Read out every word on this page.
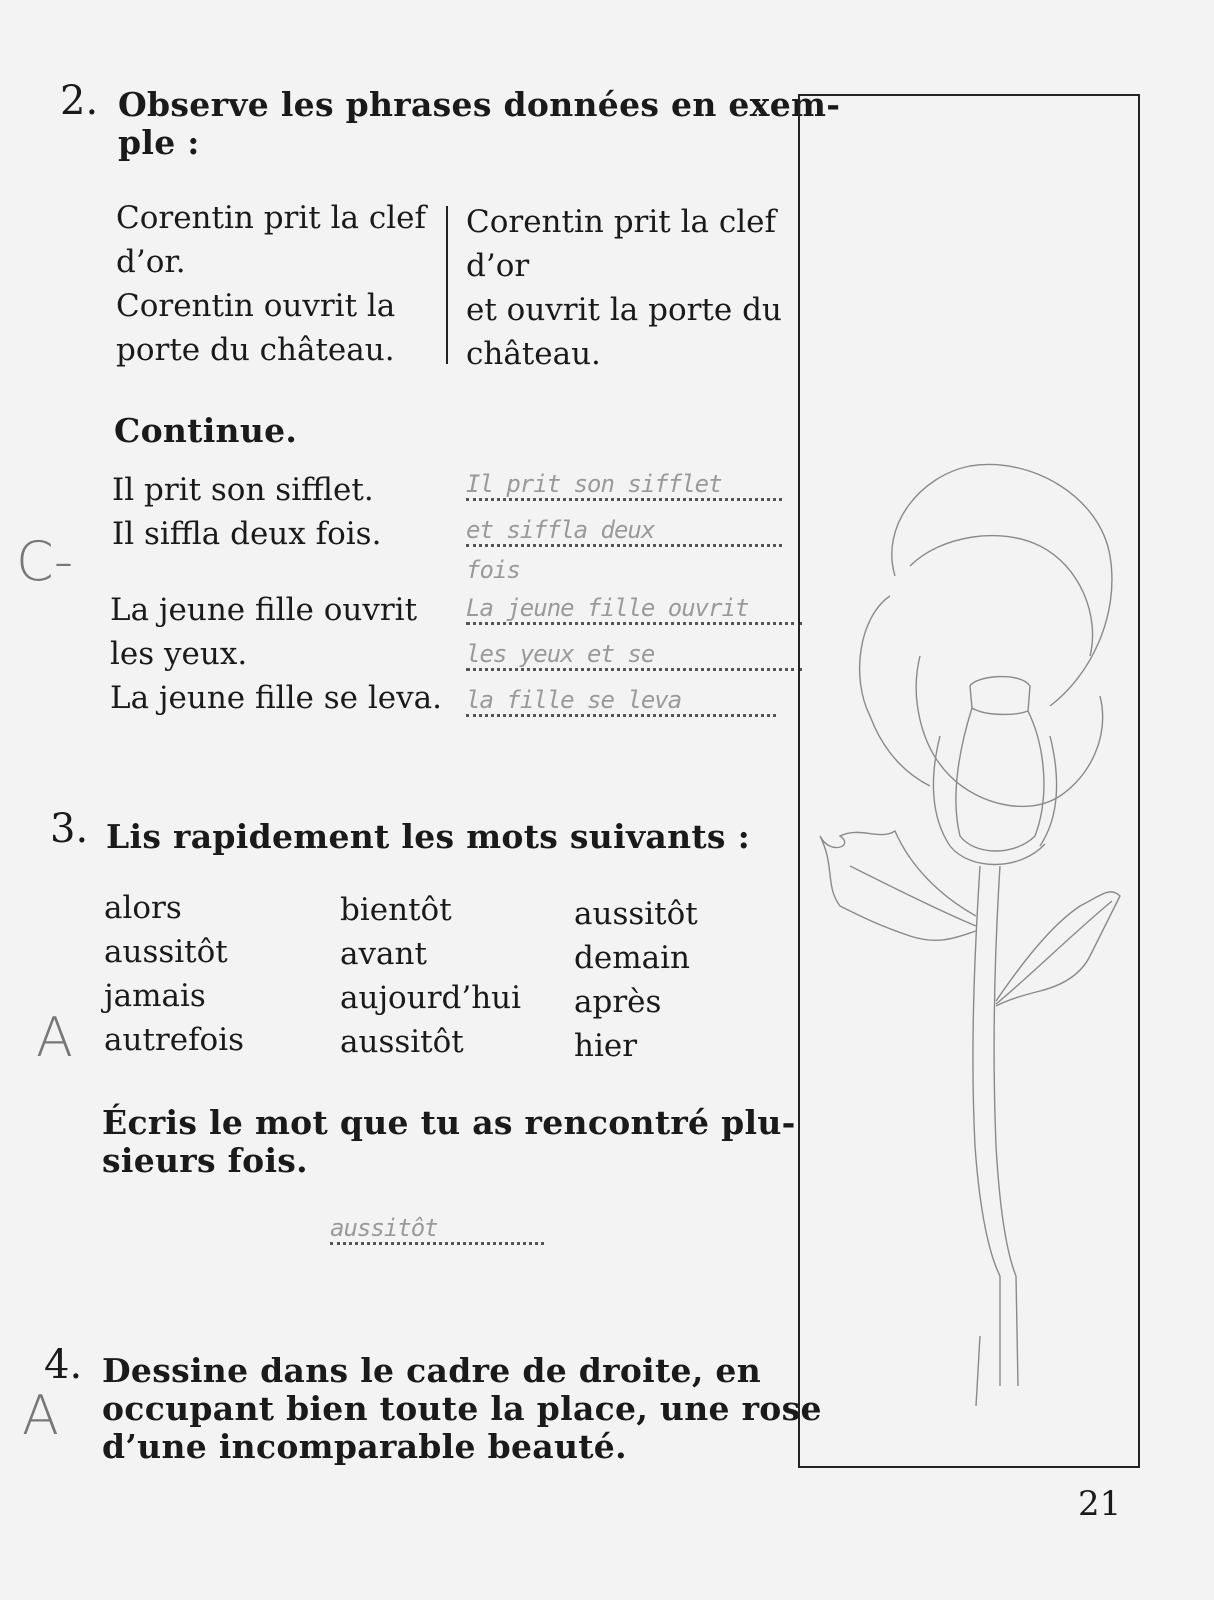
2. Observe les phrases données en exem-
ple :
Corentin prit la clef
d’or.
Corentin ouvrit la
porte du château.
Corentin prit la clef
d’or
et ouvrit la porte du
château.
Continue.
Il prit son sifflet.
Il siffla deux fois.
La jeune fille ouvrit
les yeux.
La jeune fille se leva.
Il prit son sifflet
et siffla deux
fois
La jeune fille ouvrit
les yeux et se
la fille se leva
C-
3. Lis rapidement les mots suivants :
alors
aussitôt
jamais
autrefois
bientôt
avant
aujourd’hui
aussitôt
aussitôt
demain
après
hier
A
Écris le mot que tu as rencontré plu-
sieurs fois.
aussitôt
4. Dessine dans le cadre de droite, en
occupant bien toute la place, une rose
d’une incomparable beauté.
A
21
